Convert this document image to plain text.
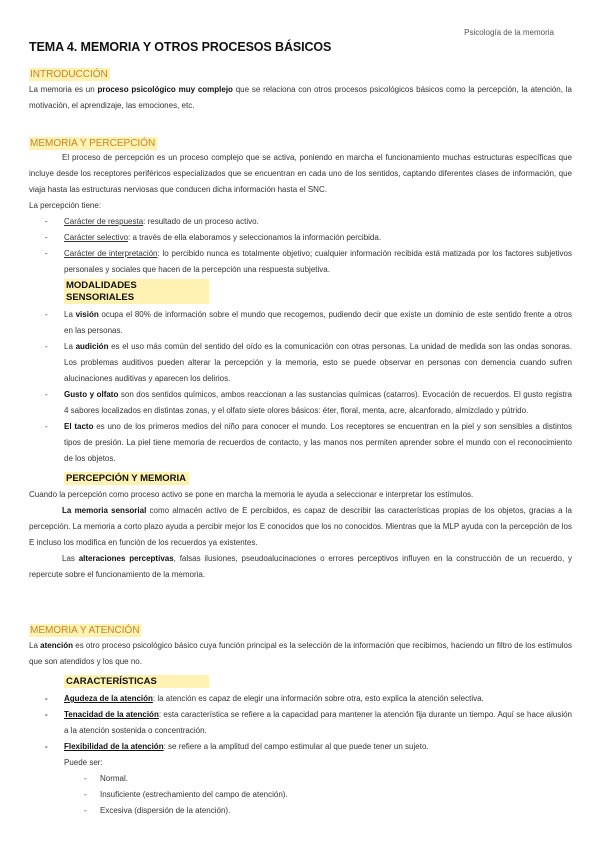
Psicología de la memoria
TEMA 4. MEMORIA Y OTROS PROCESOS BÁSICOS
INTRODUCCIÓN

La memoria es un proceso psicológico muy complejo que se relaciona con otros procesos psicológicos básicos como la percepción, la atención, la motivación, el aprendizaje, las emociones, etc.

MEMORIA Y PERCEPCIÓN

El proceso de percepción es un proceso complejo que se activa, poniendo en marcha el funcionamiento muchas estructuras específicas que incluye desde los receptores periféricos especializados que se encuentran en cada uno de los sentidos, captando diferentes clases de información, que viaja hasta las estructuras nerviosas que conducen dicha información hasta el SNC.

La percepción tiene:

- Carácter de respuesta: resultado de un proceso activo.
- Carácter selectivo: a través de ella elaboramos y seleccionamos la información percibida.
- Carácter de interpretación: lo percibido nunca es totalmente objetivo; cualquier información recibida está matizada por los factores subjetivos personales y sociales que hacen de la percepción una respuesta subjetiva.
MODALIDADES SENSORIALES
- La visión ocupa el 80% de información sobre el mundo que recogemos, pudiendo decir que existe un dominio de este sentido frente a otros en las personas.
- La audición es el uso más común del sentido del oído es la comunicación con otras personas. La unidad de medida son las ondas sonoras. Los problemas auditivos pueden alterar la percepción y la memoria, esto se puede observar en personas con demencia cuando sufren alucinaciones auditivas y aparecen los delirios.
- Gusto y olfato son dos sentidos químicos, ambos reaccionan a las sustancias químicas (catarros). Evocación de recuerdos. El gusto registra 4 sabores localizados en distintas zonas, y el olfato siete olores básicos: éter, floral, menta, acre, alcanforado, almizclado y pútrido.
- El tacto es uno de los primeros medios del niño para conocer el mundo. Los receptores se encuentran en la piel y son sensibles a distintos tipos de presión. La piel tiene memoria de recuerdos de contacto, y las manos nos permiten aprender sobre el mundo con el reconocimiento de los objetos.
PERCEPCIÓN Y MEMORIA

Cuando la percepción como proceso activo se pone en marcha la memoria le ayuda a seleccionar e interpretar los estímulos.

La memoria sensorial como almacén activo de E percibidos, es capaz de describir las características propias de los objetos, gracias a la percepción. La memoria a corto plazo ayuda a percibir mejor los E conocidos que los no conocidos. Mientras que la MLP ayuda con la percepción de los E incluso los modifica en función de los recuerdos ya existentes.

Las alteraciones perceptivas, falsas ilusiones, pseudoalucinaciones o errores perceptivos influyen en la construcción de un recuerdo, y repercute sobre el funcionamiento de la memoria.

MEMORIA Y ATENCIÓN

La atención es otro proceso psicológico básico cuya función principal es la selección de la información que recibimos, haciendo un filtro de los estímulos que son atendidos y los que no.

CARACTERÍSTICAS
- Agudeza de la atención: la atención es capaz de elegir una información sobre otra, esto explica la atención selectiva.
- Tenacidad de la atención: esta característica se refiere a la capacidad para mantener la atención fija durante un tiempo. Aquí se hace alusión a la atención sostenida o concentración.
- Flexibilidad de la atención: se refiere a la amplitud del campo estimular al que puede tener un sujeto.

Puede ser:

- Normal.
- Insuficiente (estrechamiento del campo de atención).
- Excesiva (dispersión de la atención).
